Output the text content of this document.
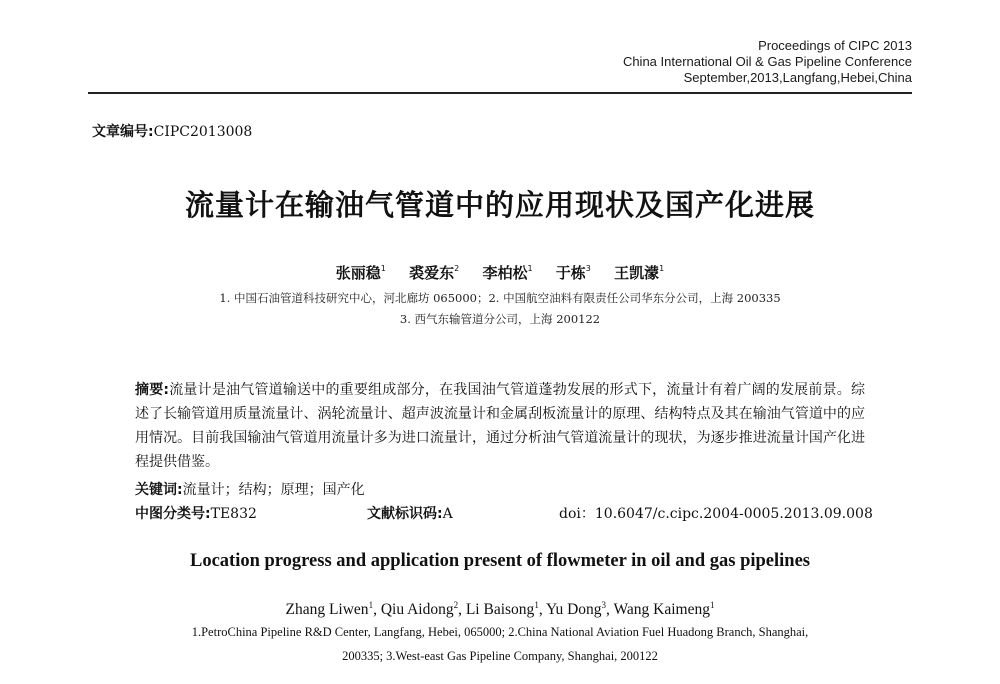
Proceedings of CIPC 2013
China International Oil & Gas Pipeline Conference
September,2013,Langfang,Hebei,China
文章编号:CIPC2013008
流量计在输油气管道中的应用现状及国产化进展
张丽稳$^1$ 裘爱东$^2$ 李柏松$^1$ 于栋$^3$ 王凯濛$^1$
1. 中国石油管道科技研究中心，河北廊坊 065000；2. 中国航空油料有限责任公司华东分公司，上海 200335
3. 西气东输管道分公司，上海 200122
摘要:流量计是油气管道输送中的重要组成部分，在我国油气管道蓬勃发展的形式下，流量计有着广阔的发展前景。综述了长输管道用质量流量计、涡轮流量计、超声波流量计和金属刮板流量计的原理、结构特点及其在输油气管道中的应用情况。目前我国输油气管道用流量计多为进口流量计，通过分析油气管道流量计的现状，为逐步推进流量计国产化进程提供借鉴。
关键词:流量计；结构；原理；国产化
中图分类号:TE832	文献标识码:A	doi：10.6047/c.cipc.2004-0005.2013.09.008
Location progress and application present of flowmeter in oil and gas pipelines
Zhang Liwen$^1$, Qiu Aidong$^2$, Li Baisong$^1$, Yu Dong$^3$, Wang Kaimeng$^1$
1.PetroChina Pipeline R&D Center, Langfang, Hebei, 065000; 2.China National Aviation Fuel Huadong Branch, Shanghai,
200335; 3.West-east Gas Pipeline Company, Shanghai, 200122
